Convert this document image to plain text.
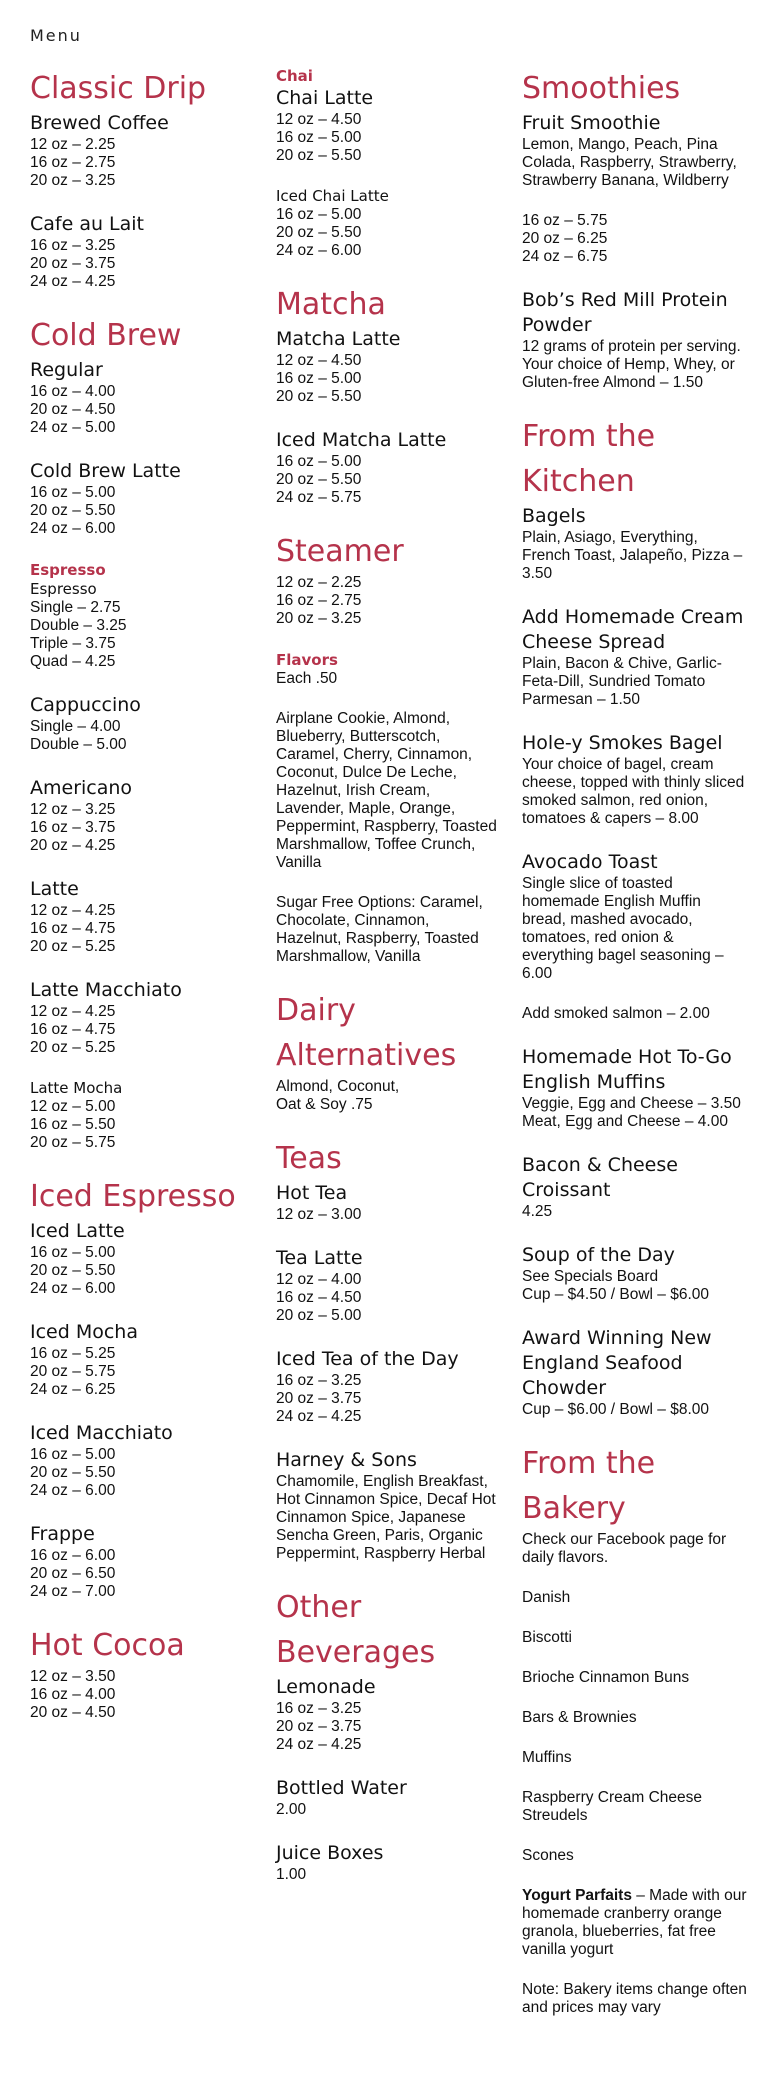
Menu
Classic Drip
Brewed Coffee
12 oz – 2.25
16 oz – 2.75
20 oz – 3.25
Cafe au Lait
16 oz – 3.25
20 oz – 3.75
24 oz – 4.25
Cold Brew
Regular
16 oz – 4.00
20 oz – 4.50
24 oz – 5.00
Cold Brew Latte
16 oz – 5.00
20 oz – 5.50
24 oz – 6.00
Espresso
Espresso
Single – 2.75
Double – 3.25
Triple – 3.75
Quad – 4.25
Cappuccino
Single – 4.00
Double – 5.00
Americano
12 oz – 3.25
16 oz – 3.75
20 oz – 4.25
Latte
12 oz – 4.25
16 oz – 4.75
20 oz – 5.25
Latte Macchiato
12 oz – 4.25
16 oz – 4.75
20 oz – 5.25
Latte Mocha
12 oz – 5.00
16 oz – 5.50
20 oz – 5.75
Iced Espresso
Iced Latte
16 oz – 5.00
20 oz – 5.50
24 oz – 6.00
Iced Mocha
16 oz – 5.25
20 oz – 5.75
24 oz – 6.25
Iced Macchiato
16 oz – 5.00
20 oz – 5.50
24 oz – 6.00
Frappe
16 oz – 6.00
20 oz – 6.50
24 oz – 7.00
Hot Cocoa
12 oz – 3.50
16 oz – 4.00
20 oz – 4.50
Chai
Chai Latte
12 oz – 4.50
16 oz – 5.00
20 oz – 5.50
Iced Chai Latte
16 oz – 5.00
20 oz – 5.50
24 oz – 6.00
Matcha
Matcha Latte
12 oz – 4.50
16 oz – 5.00
20 oz – 5.50
Iced Matcha Latte
16 oz – 5.00
20 oz – 5.50
24 oz – 5.75
Steamer
12 oz – 2.25
16 oz – 2.75
20 oz – 3.25
Flavors
Each .50
Airplane Cookie, Almond, Blueberry, Butterscotch, Caramel, Cherry, Cinnamon, Coconut, Dulce De Leche, Hazelnut, Irish Cream, Lavender, Maple, Orange, Peppermint, Raspberry, Toasted Marshmallow, Toffee Crunch, Vanilla
Sugar Free Options: Caramel, Chocolate, Cinnamon, Hazelnut, Raspberry, Toasted Marshmallow, Vanilla
Dairy Alternatives
Almond, Coconut,
Oat & Soy .75
Teas
Hot Tea
12 oz – 3.00
Tea Latte
12 oz – 4.00
16 oz – 4.50
20 oz – 5.00
Iced Tea of the Day
16 oz – 3.25
20 oz – 3.75
24 oz – 4.25
Harney & Sons
Chamomile, English Breakfast, Hot Cinnamon Spice, Decaf Hot Cinnamon Spice, Japanese Sencha Green, Paris, Organic Peppermint, Raspberry Herbal
Other Beverages
Lemonade
16 oz – 3.25
20 oz – 3.75
24 oz – 4.25
Bottled Water
2.00
Juice Boxes
1.00
Smoothies
Fruit Smoothie
Lemon, Mango, Peach, Pina Colada, Raspberry, Strawberry, Strawberry Banana, Wildberry
16 oz – 5.75
20 oz – 6.25
24 oz – 6.75
Bob’s Red Mill Protein Powder
12 grams of protein per serving. Your choice of Hemp, Whey, or Gluten-free Almond – 1.50
From the Kitchen
Bagels
Plain, Asiago, Everything, French Toast, Jalapeño, Pizza – 3.50
Add Homemade Cream Cheese Spread
Plain, Bacon & Chive, Garlic-Feta-Dill, Sundried Tomato Parmesan – 1.50
Hole-y Smokes Bagel
Your choice of bagel, cream cheese, topped with thinly sliced smoked salmon, red onion, tomatoes & capers – 8.00
Avocado Toast
Single slice of toasted homemade English Muffin bread, mashed avocado, tomatoes, red onion & everything bagel seasoning – 6.00
Add smoked salmon – 2.00
Homemade Hot To-Go English Muffins
Veggie, Egg and Cheese – 3.50
Meat, Egg and Cheese – 4.00
Bacon & Cheese Croissant
4.25
Soup of the Day
See Specials Board
Cup – $4.50 / Bowl – $6.00
Award Winning New England Seafood Chowder
Cup – $6.00 / Bowl – $8.00
From the Bakery
Check our Facebook page for daily flavors.
Danish
Biscotti
Brioche Cinnamon Buns
Bars & Brownies
Muffins
Raspberry Cream Cheese Streudels
Scones
Yogurt Parfaits – Made with our homemade cranberry orange granola, blueberries, fat free vanilla yogurt
Note: Bakery items change often and prices may vary
